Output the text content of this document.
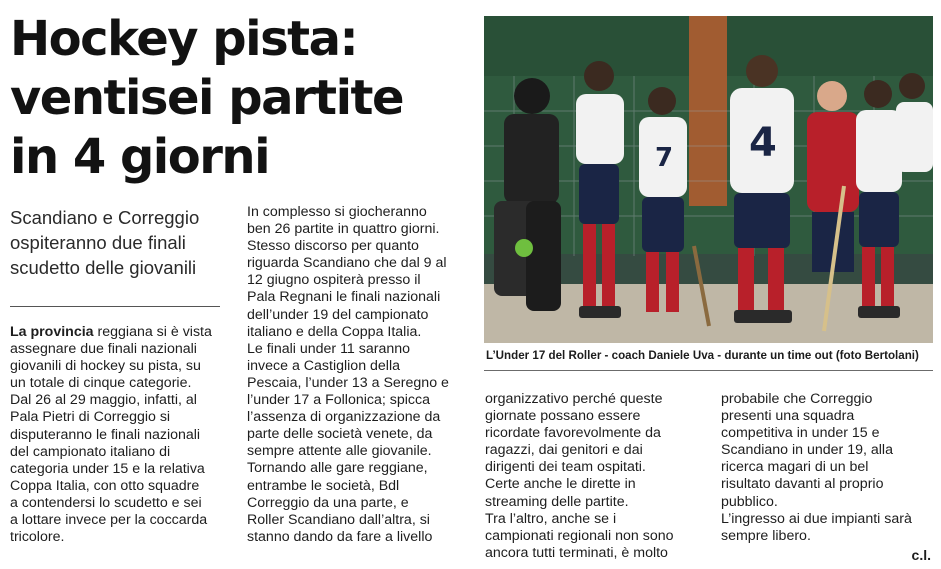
Hockey pista:
ventisei partite
in 4 giorni
Scandiano e Correggio
ospiteranno due finali
scudetto delle giovanili
La provincia reggiana si è vista
assegnare due finali nazionali
giovanili di hockey su pista, su
un totale di cinque categorie.
Dal 26 al 29 maggio, infatti, al
Pala Pietri di Correggio si
disputeranno le finali nazionali
del campionato italiano di
categoria under 15 e la relativa
Coppa Italia, con otto squadre
a contendersi lo scudetto e sei
a lottare invece per la coccarda
tricolore.
In complesso si giocheranno
ben 26 partite in quattro giorni.
Stesso discorso per quanto
riguarda Scandiano che dal 9 al
12 giugno ospiterà presso il
Pala Regnani le finali nazionali
dell’under 19 del campionato
italiano e della Coppa Italia.
Le finali under 11 saranno
invece a Castiglion della
Pescaia, l’under 13 a Seregno e
l’under 17 a Follonica; spicca
l’assenza di organizzazione da
parte delle società venete, da
sempre attente alle giovanile.
Tornando alle gare reggiane,
entrambe le società, Bdl
Correggio da una parte, e
Roller Scandiano dall’altra, si
stanno dando da fare a livello
7 4
L’Under 17 del Roller - coach Daniele Uva - durante un time out (foto Bertolani)
organizzativo perché queste
giornate possano essere
ricordate favorevolmente da
ragazzi, dai genitori e dai
dirigenti dei team ospitati.
Certe anche le dirette in
streaming delle partite.
Tra l’altro, anche se i
campionati regionali non sono
ancora tutti terminati, è molto
probabile che Correggio
presenti una squadra
competitiva in under 15 e
Scandiano in under 19, alla
ricerca magari di un bel
risultato davanti al proprio
pubblico.
L’ingresso ai due impianti sarà
sempre libero.
c.l.
